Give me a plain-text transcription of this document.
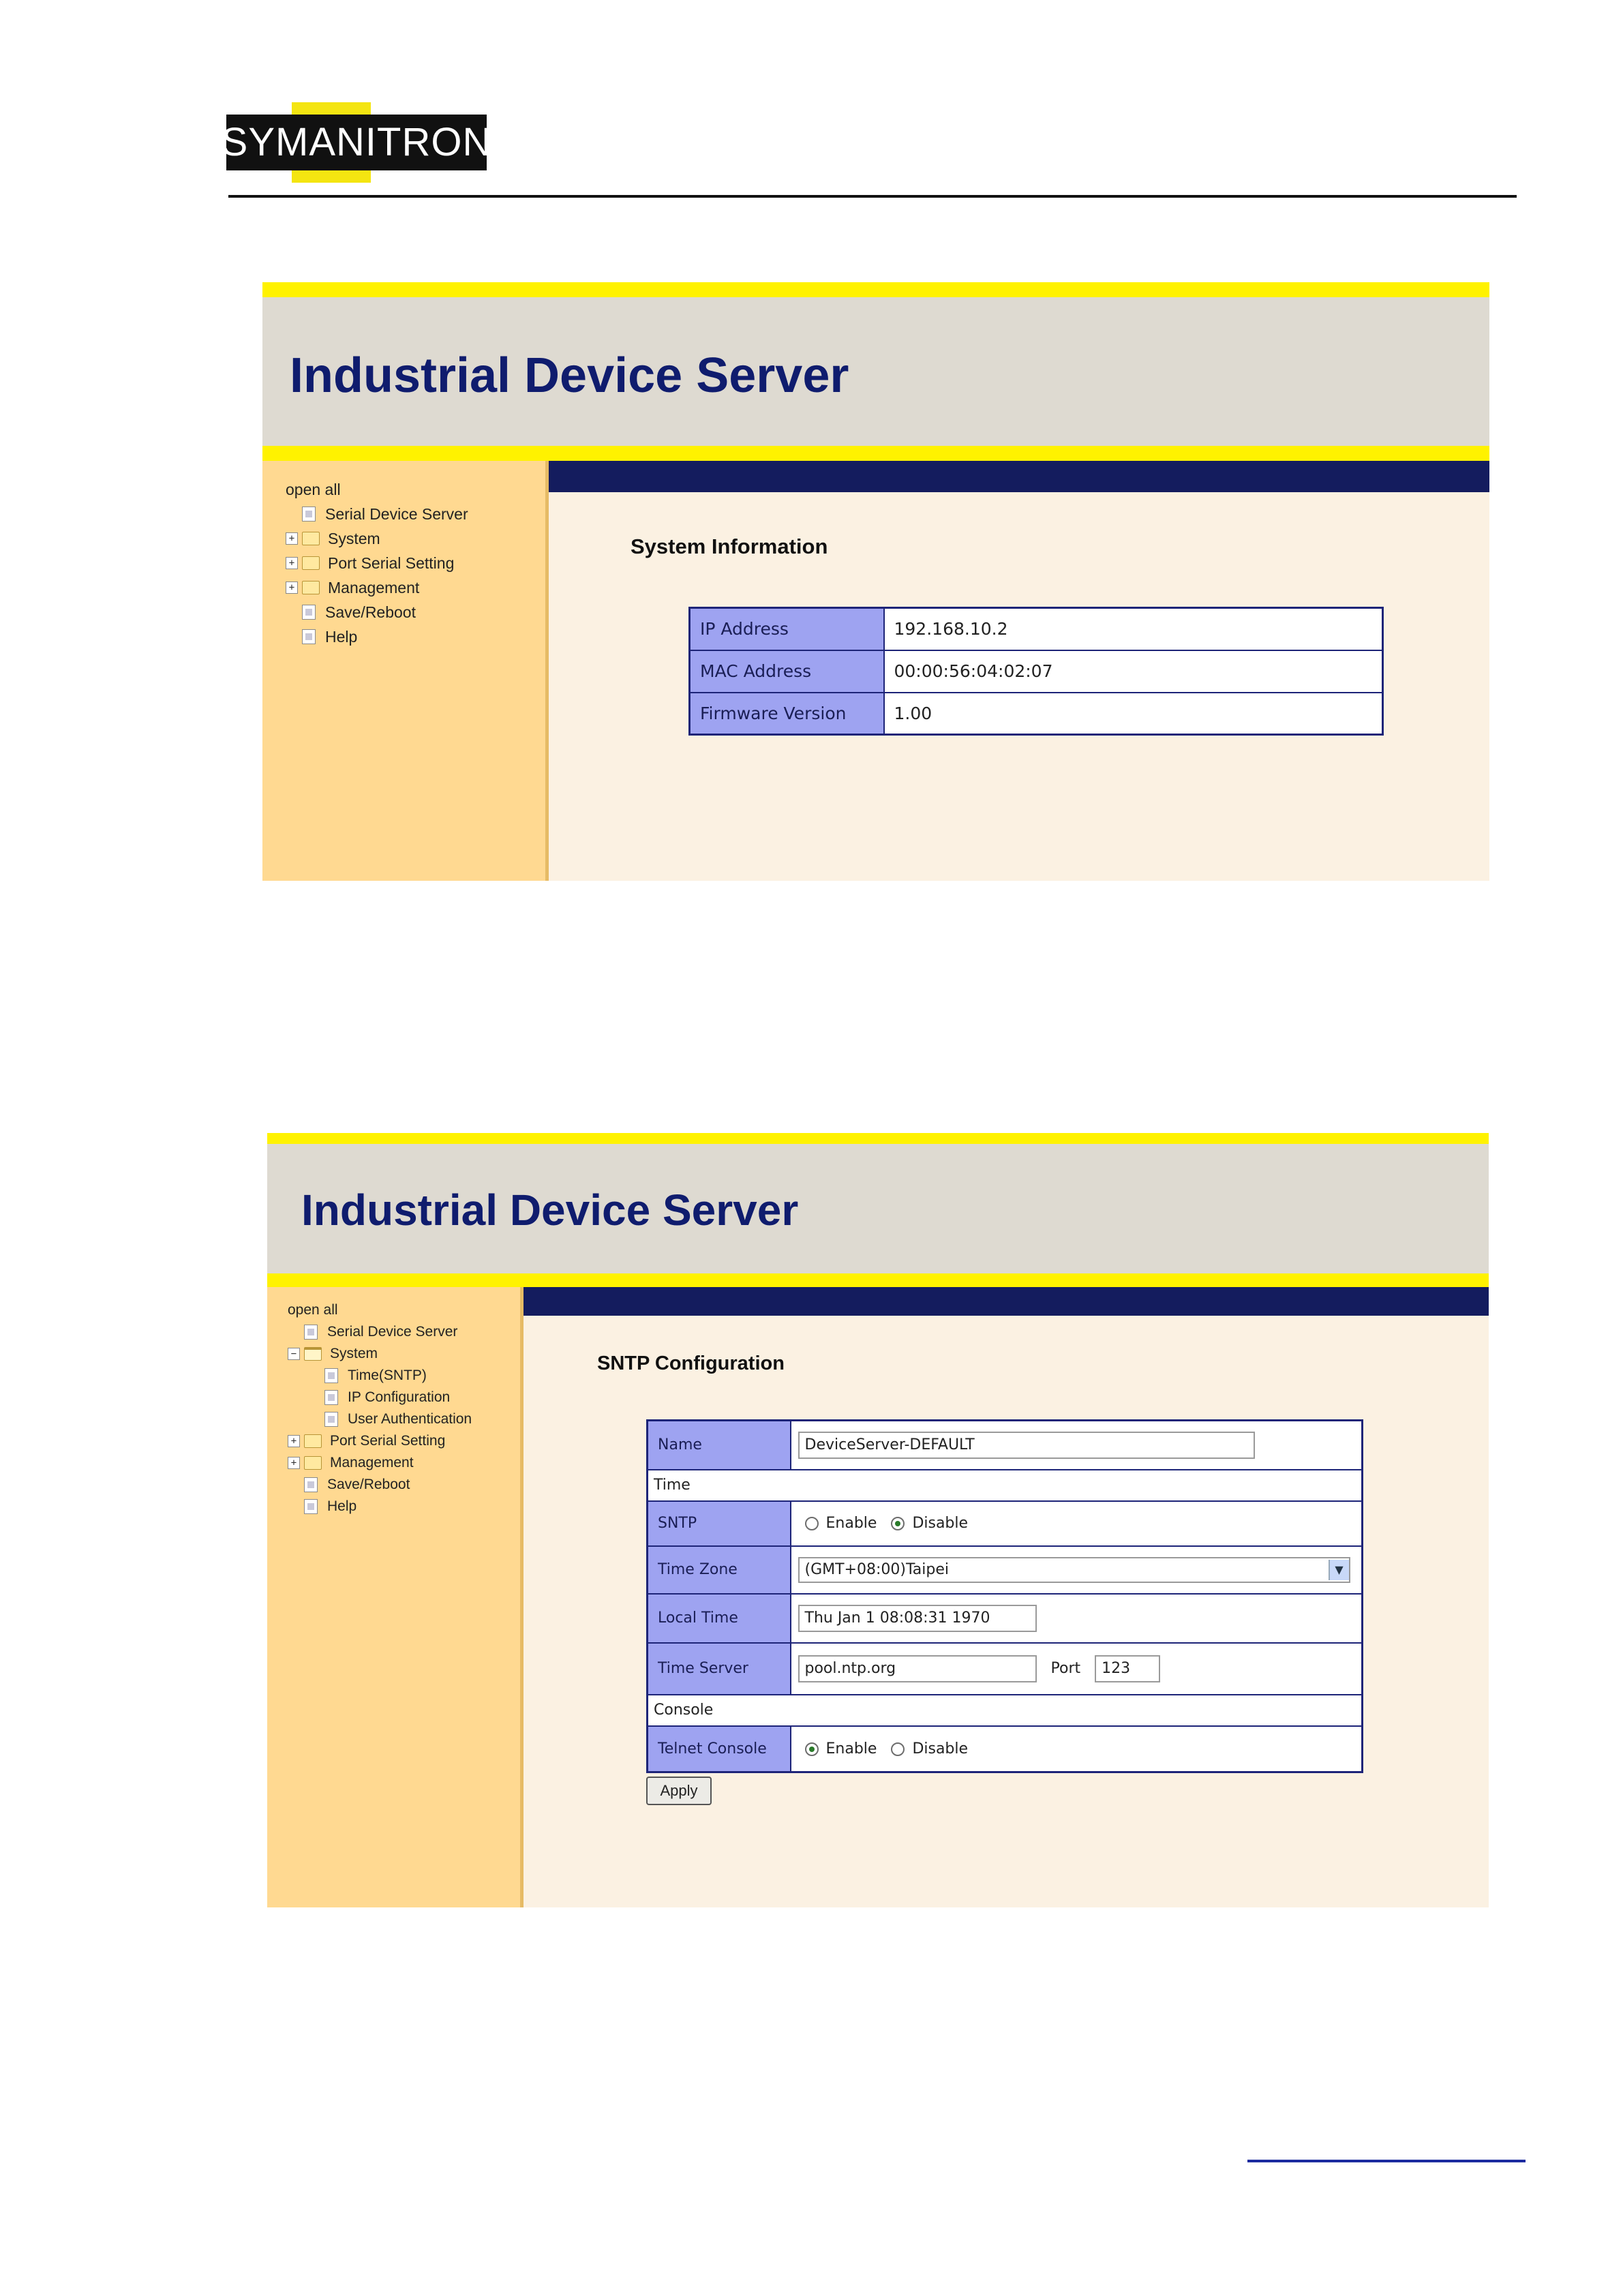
SYMANITRON
Industrial Device Server
open all
Serial Device Server
+ System
+ Port Serial Setting
+ Management
Save/Reboot
Help
System Information
IP Address	192.168.10.2
MAC Address	00:00:56:04:02:07
Firmware Version	1.00
Industrial Device Server
open all
Serial Device Server
− System
Time(SNTP)
IP Configuration
User Authentication
+ Port Serial Setting
+ Management
Save/Reboot
Help
SNTP Configuration
Name	DeviceServer-DEFAULT
Time	
SNTP	Enable Disable
Time Zone	(GMT+08:00)Taipei ▼

Local Time	Thu Jan 1 08:08:31 1970
Time Server	pool.ntp.org Port 123
Console	
Telnet Console	Enable Disable
Apply
